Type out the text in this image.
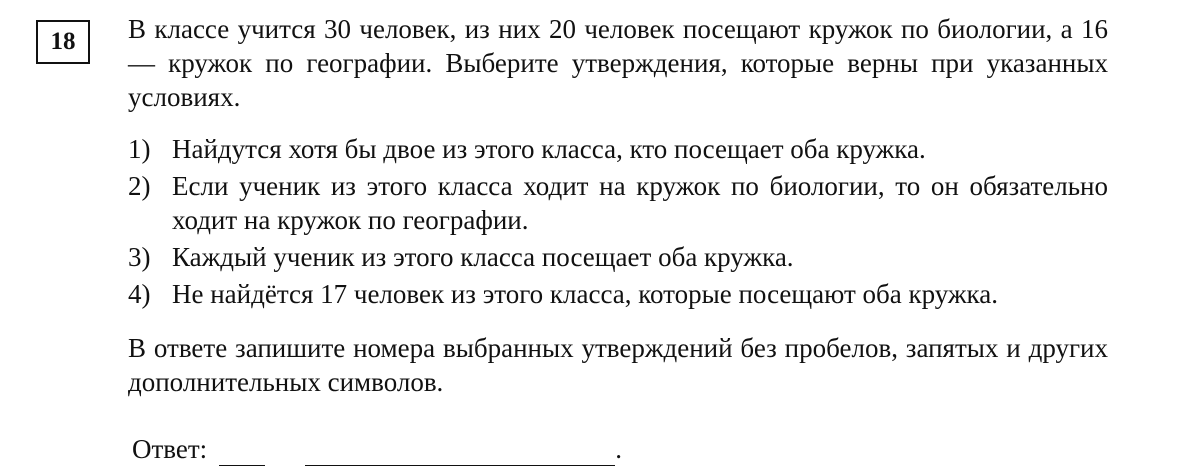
18 В классе учится 30 человек, из них 20 человек посещают кружок по биологии, а 16 — кружок по географии. Выберите утверждения, которые верны при указанных условиях.

1) Найдутся хотя бы двое из этого класса, кто посещает оба кружка.
2) Если ученик из этого класса ходит на кружок по биологии, то он обязательно ходит на кружок по географии.
3) Каждый ученик из этого класса посещает оба кружка.
4) Не найдётся 17 человек из этого класса, которые посещают оба кружка.

В ответе запишите номера выбранных утверждений без пробелов, запятых и других дополнительных символов.

Ответ:	.
